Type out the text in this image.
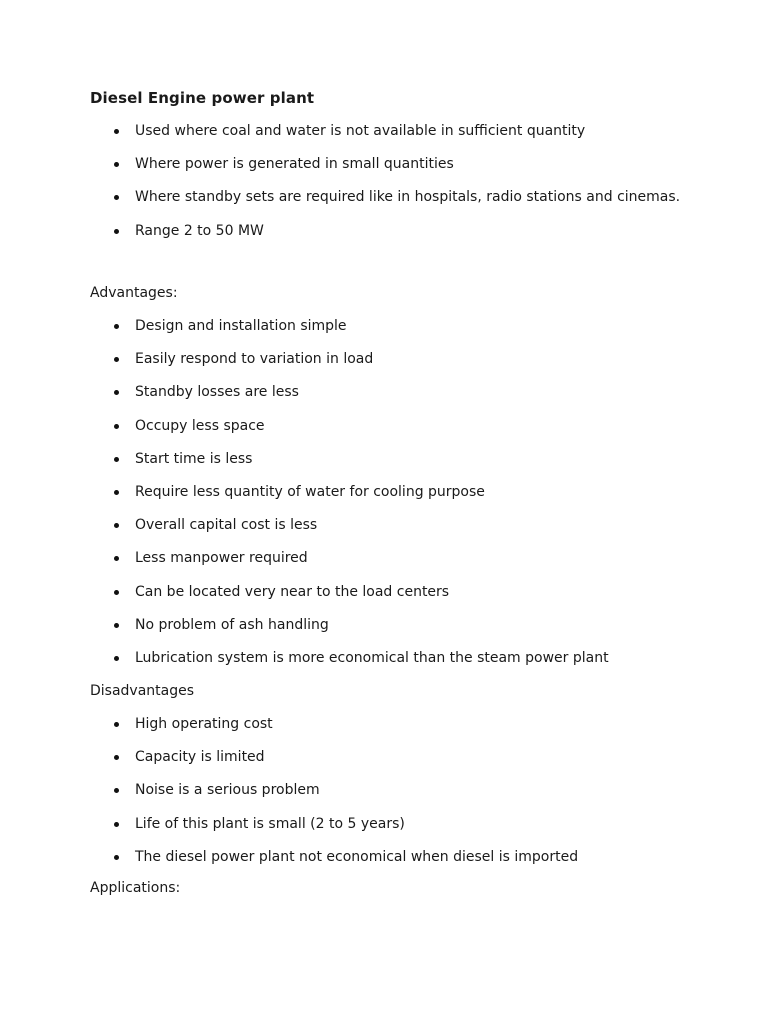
Diesel Engine power plant
Used where coal and water is not available in sufficient quantity
Where power is generated in small quantities
Where standby sets are required like in hospitals, radio stations and cinemas.
Range 2 to 50 MW
Advantages:
Design and installation simple
Easily respond to variation in load
Standby losses are less
Occupy less space
Start time is less
Require less quantity of water for cooling purpose
Overall capital cost is less
Less manpower required
Can be located very near to the load centers
No problem of ash handling
Lubrication system is more economical than the steam power plant
Disadvantages
High operating cost
Capacity is limited
Noise is a serious problem
Life of this plant is small (2 to 5 years)
The diesel power plant not economical when diesel is imported
Applications:
